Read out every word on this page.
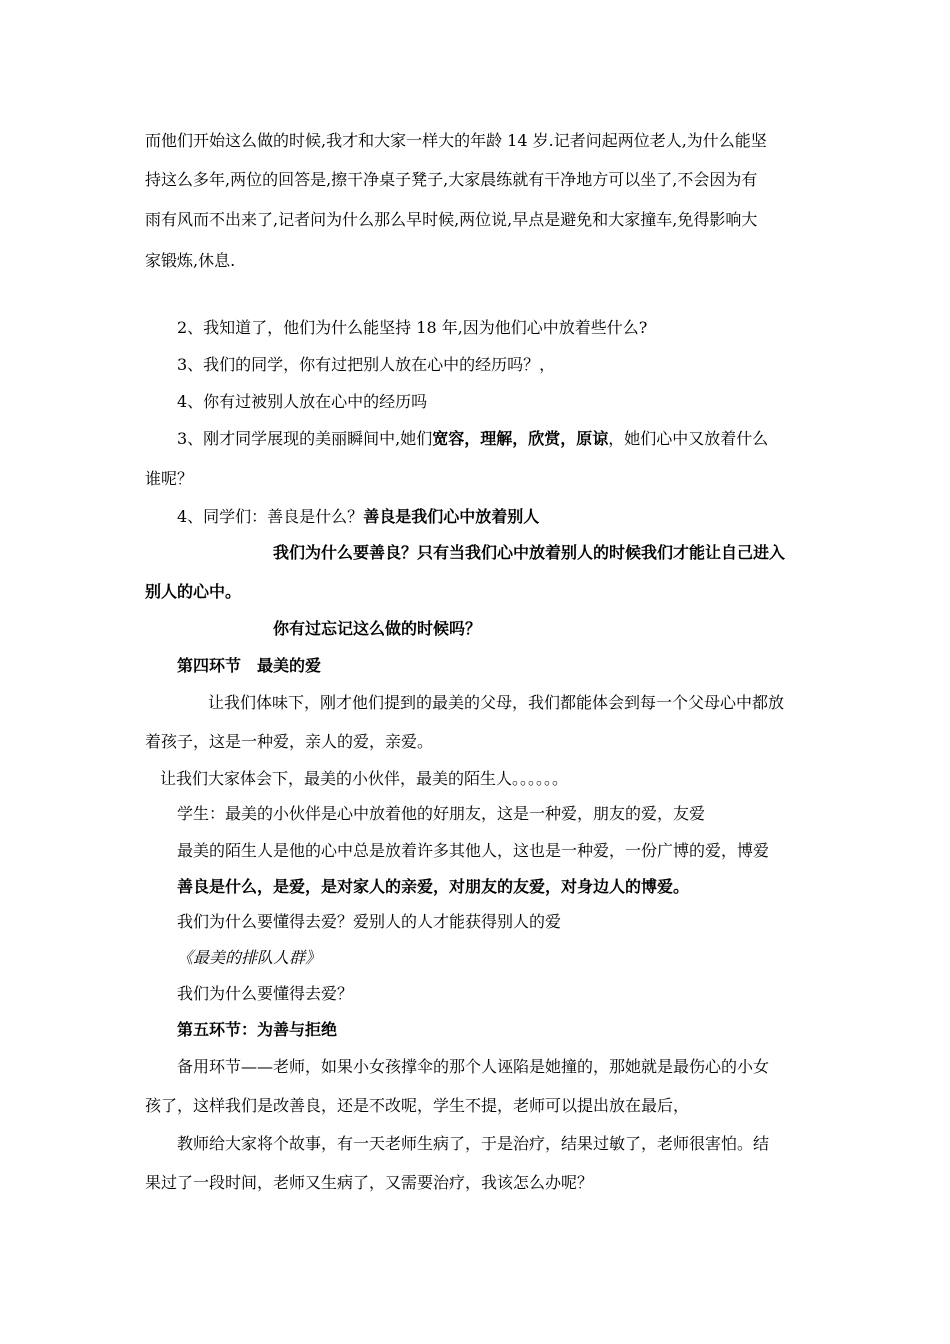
而他们开始这么做的时候,我才和大家一样大的年龄 14 岁.记者问起两位老人,为什么能坚
持这么多年,两位的回答是,擦干净桌子凳子,大家晨练就有干净地方可以坐了,不会因为有
雨有风而不出来了,记者问为什么那么早时候,两位说,早点是避免和大家撞车,免得影响大
家锻炼,休息.
2、我知道了，他们为什么能坚持 18 年,因为他们心中放着些什么?
3、我们的同学，你有过把别人放在心中的经历吗？，
4、你有过被别人放在心中的经历吗
3、刚才同学展现的美丽瞬间中,她们宽容，理解，欣赏，原谅，她们心中又放着什么
谁呢？
4、同学们：善良是什么？善良是我们心中放着别人
我们为什么要善良？只有当我们心中放着别人的时候我们才能让自己进入
别人的心中。
你有过忘记这么做的时候吗？
第四环节　最美的爱
让我们体味下，刚才他们提到的最美的父母，我们都能体会到每一个父母心中都放
着孩子，这是一种爱，亲人的爱，亲爱。
让我们大家体会下，最美的小伙伴，最美的陌生人。。。。。。
学生：最美的小伙伴是心中放着他的好朋友，这是一种爱，朋友的爱，友爱
最美的陌生人是他的心中总是放着许多其他人，这也是一种爱，一份广博的爱，博爱
善良是什么，是爱，是对家人的亲爱，对朋友的友爱，对身边人的博爱。
我们为什么要懂得去爱？爱别人的人才能获得别人的爱
《最美的排队人群》
我们为什么要懂得去爱？
第五环节：为善与拒绝
备用环节——老师，如果小女孩撑伞的那个人诬陷是她撞的，那她就是最伤心的小女
孩了，这样我们是改善良，还是不改呢，学生不提，老师可以提出放在最后，
教师给大家将个故事，有一天老师生病了，于是治疗，结果过敏了，老师很害怕。结
果过了一段时间，老师又生病了，又需要治疗，我该怎么办呢？
